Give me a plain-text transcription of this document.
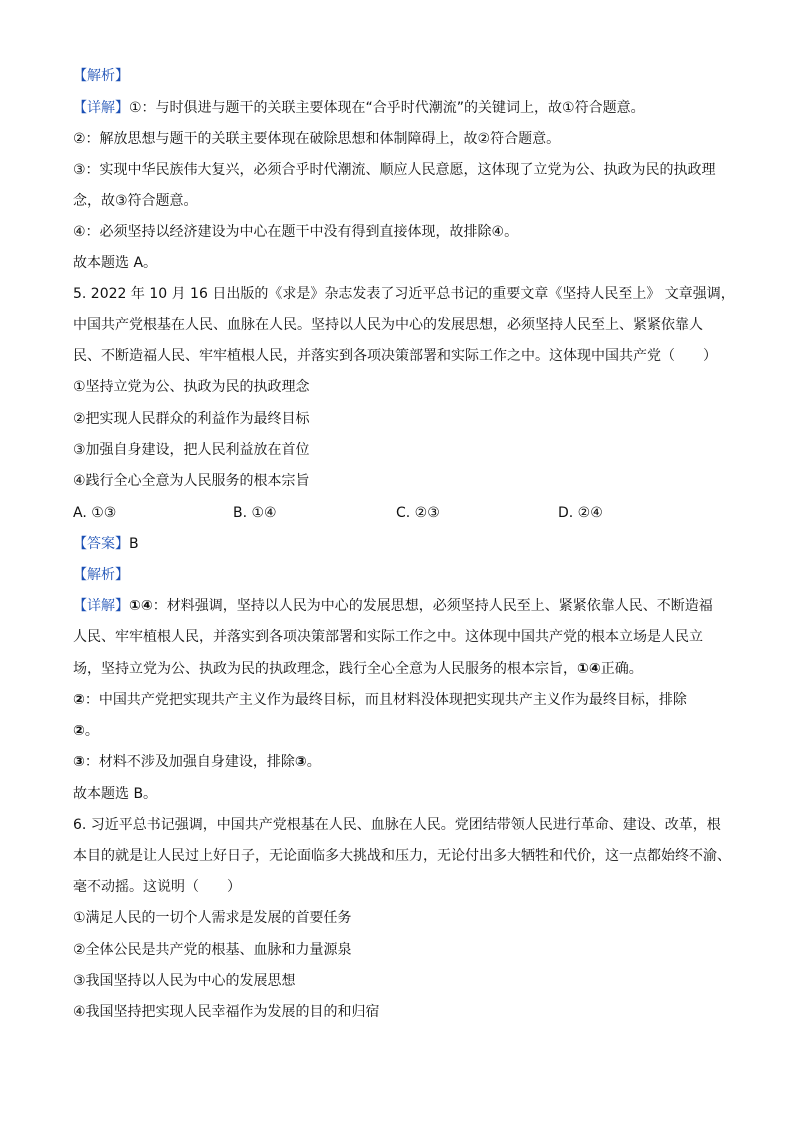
【解析】
【详解】①：与时俱进与题干的关联主要体现在“合乎时代潮流”的关键词上，故①符合题意。
②：解放思想与题干的关联主要体现在破除思想和体制障碍上，故②符合题意。
③：实现中华民族伟大复兴，必须合乎时代潮流、顺应人民意愿，这体现了立党为公、执政为民的执政理
念，故③符合题意。
④：必须坚持以经济建设为中心在题干中没有得到直接体现，故排除④。
故本题选 A。
5. 2022 年 10 月 16 日出版的《求是》杂志发表了习近平总书记的重要文章《坚持人民至上》 文章强调，
中国共产党根基在人民、血脉在人民。坚持以人民为中心的发展思想，必须坚持人民至上、紧紧依靠人
民、不断造福人民、牢牢植根人民，并落实到各项决策部署和实际工作之中。这体现中国共产党（　　）
①坚持立党为公、执政为民的执政理念
②把实现人民群众的利益作为最终目标
③加强自身建设，把人民利益放在首位
④践行全心全意为人民服务的根本宗旨
A. ①③	B. ①④	C. ②③	D. ②④
【答案】B
【解析】
【详解】①④：材料强调，坚持以人民为中心的发展思想，必须坚持人民至上、紧紧依靠人民、不断造福
人民、牢牢植根人民，并落实到各项决策部署和实际工作之中。这体现中国共产党的根本立场是人民立
场，坚持立党为公、执政为民的执政理念，践行全心全意为人民服务的根本宗旨，①④正确。
②：中国共产党把实现共产主义作为最终目标，而且材料没体现把实现共产主义作为最终目标，排除
②。
③：材料不涉及加强自身建设，排除③。
故本题选 B。
6. 习近平总书记强调，中国共产党根基在人民、血脉在人民。党团结带领人民进行革命、建设、改革，根
本目的就是让人民过上好日子，无论面临多大挑战和压力，无论付出多大牺牲和代价，这一点都始终不渝、
毫不动摇。这说明（　　）
①满足人民的一切个人需求是发展的首要任务
②全体公民是共产党的根基、血脉和力量源泉
③我国坚持以人民为中心的发展思想
④我国坚持把实现人民幸福作为发展的目的和归宿
